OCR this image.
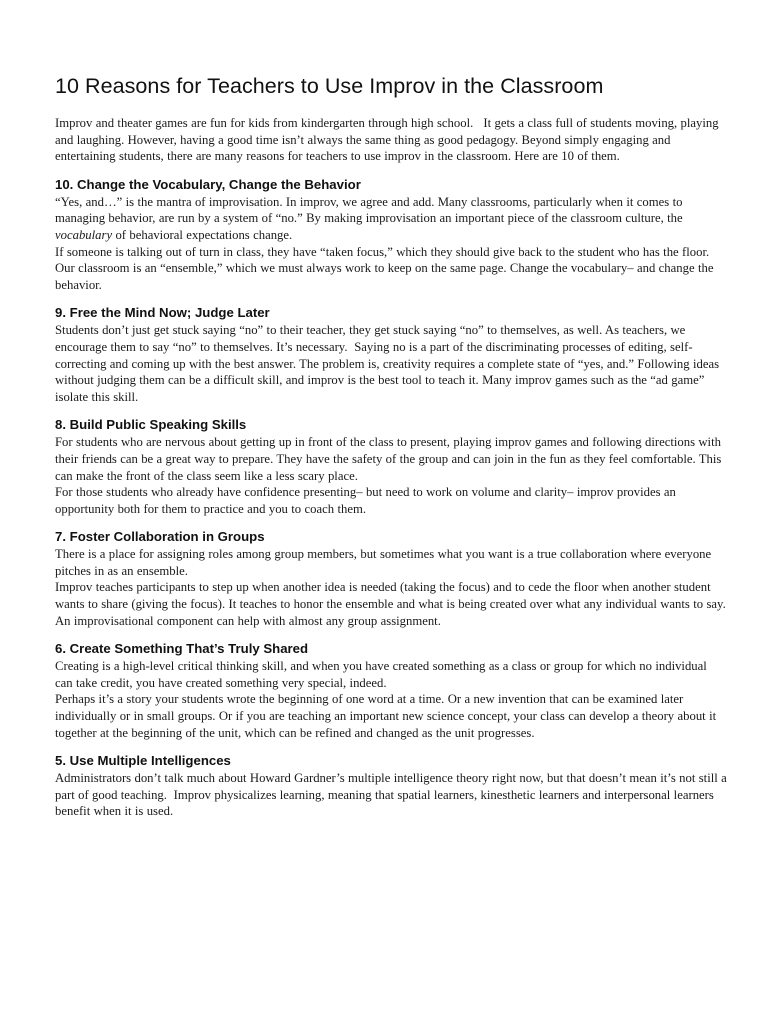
10 Reasons for Teachers to Use Improv in the Classroom

Improv and theater games are fun for kids from kindergarten through high school.   It gets a class full of students moving, playing and laughing. However, having a good time isn’t always the same thing as good pedagogy. Beyond simply engaging and entertaining students, there are many reasons for teachers to use improv in the classroom. Here are 10 of them.

10. Change the Vocabulary, Change the Behavior

“Yes, and…” is the mantra of improvisation. In improv, we agree and add. Many classrooms, particularly when it comes to managing behavior, are run by a system of “no.” By making improvisation an important piece of the classroom culture, the vocabulary of behavioral expectations change.

If someone is talking out of turn in class, they have “taken focus,” which they should give back to the student who has the floor. Our classroom is an “ensemble,” which we must always work to keep on the same page. Change the vocabulary– and change the behavior.

9. Free the Mind Now; Judge Later

Students don’t just get stuck saying “no” to their teacher, they get stuck saying “no” to themselves, as well. As teachers, we encourage them to say “no” to themselves. It’s necessary.  Saying no is a part of the discriminating processes of editing, self-correcting and coming up with the best answer. The problem is, creativity requires a complete state of “yes, and.” Following ideas without judging them can be a difficult skill, and improv is the best tool to teach it. Many improv games such as the “ad game” isolate this skill.

8. Build Public Speaking Skills

For students who are nervous about getting up in front of the class to present, playing improv games and following directions with their friends can be a great way to prepare. They have the safety of the group and can join in the fun as they feel comfortable. This can make the front of the class seem like a less scary place.

For those students who already have confidence presenting– but need to work on volume and clarity– improv provides an opportunity both for them to practice and you to coach them.

7. Foster Collaboration in Groups

There is a place for assigning roles among group members, but sometimes what you want is a true collaboration where everyone pitches in as an ensemble.

Improv teaches participants to step up when another idea is needed (taking the focus) and to cede the floor when another student wants to share (giving the focus). It teaches to honor the ensemble and what is being created over what any individual wants to say. An improvisational component can help with almost any group assignment.

6. Create Something That’s Truly Shared

Creating is a high-level critical thinking skill, and when you have created something as a class or group for which no individual can take credit, you have created something very special, indeed.

Perhaps it’s a story your students wrote the beginning of one word at a time. Or a new invention that can be examined later individually or in small groups. Or if you are teaching an important new science concept, your class can develop a theory about it together at the beginning of the unit, which can be refined and changed as the unit progresses.

5. Use Multiple Intelligences

Administrators don’t talk much about Howard Gardner’s multiple intelligence theory right now, but that doesn’t mean it’s not still a part of good teaching.  Improv physicalizes learning, meaning that spatial learners, kinesthetic learners and interpersonal learners benefit when it is used.
